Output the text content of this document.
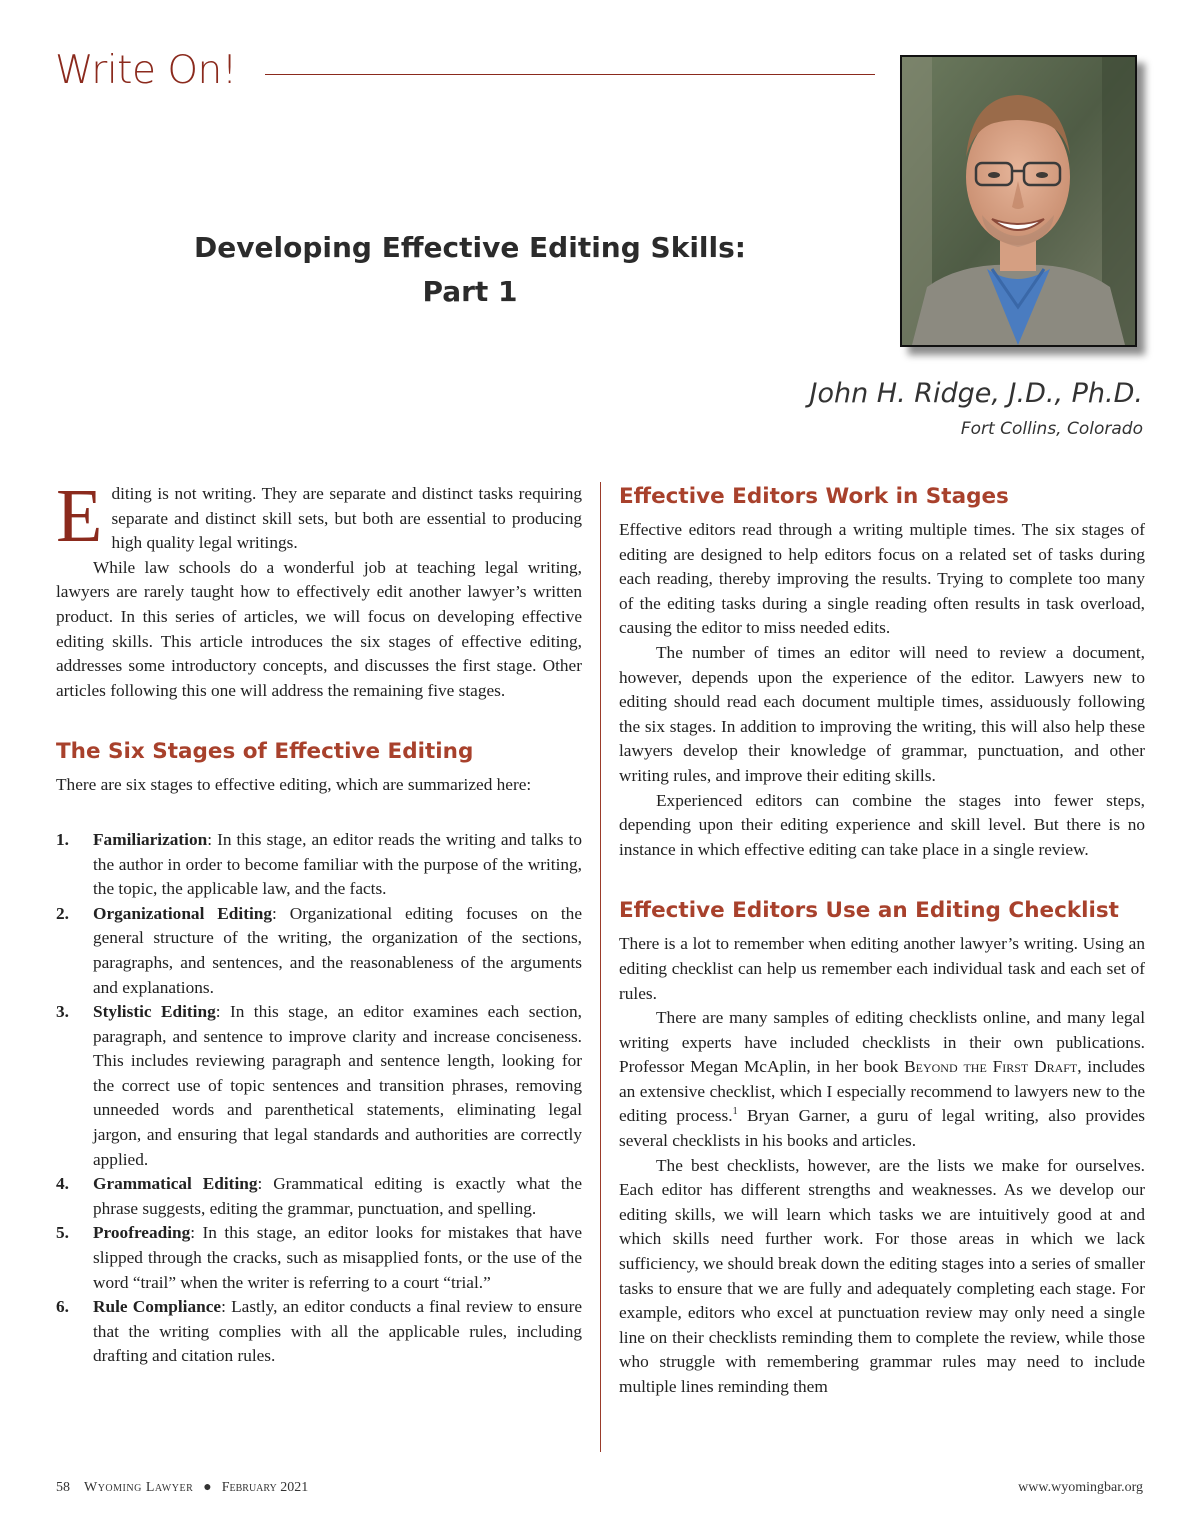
Write On!
Developing Effective Editing Skills:
Part 1
John H. Ridge, J.D., Ph.D.
Fort Collins, Colorado

Editing is not writing. They are separate and distinct tasks requiring separate and distinct skill sets, but both are essential to producing high quality legal writings.

While law schools do a wonderful job at teaching legal writing, lawyers are rarely taught how to effectively edit another lawyer’s written product. In this series of articles, we will focus on developing effective editing skills. This article introduces the six stages of effective editing, addresses some introductory concepts, and discusses the first stage. Other articles following this one will address the remaining five stages.

The Six Stages of Effective Editing

There are six stages to effective editing, which are summarized here:

1. Familiarization: In this stage, an editor reads the writing and talks to the author in order to become familiar with the purpose of the writing, the topic, the applicable law, and the facts.
2. Organizational Editing: Organizational editing focuses on the general structure of the writing, the organization of the sections, paragraphs, and sentences, and the reasonableness of the arguments and explanations.
3. Stylistic Editing: In this stage, an editor examines each section, paragraph, and sentence to improve clarity and increase conciseness. This includes reviewing paragraph and sentence length, looking for the correct use of topic sentences and transition phrases, removing unneeded words and parenthetical statements, eliminating legal jargon, and ensuring that legal standards and authorities are correctly applied.
4. Grammatical Editing: Grammatical editing is exactly what the phrase suggests, editing the grammar, punctuation, and spelling.
5. Proofreading: In this stage, an editor looks for mistakes that have slipped through the cracks, such as misapplied fonts, or the use of the word “trail” when the writer is referring to a court “trial.”
6. Rule Compliance: Lastly, an editor conducts a final review to ensure that the writing complies with all the applicable rules, including drafting and citation rules.
Effective Editors Work in Stages

Effective editors read through a writing multiple times. The six stages of editing are designed to help editors focus on a related set of tasks during each reading, thereby improving the results. Trying to complete too many of the editing tasks during a single reading often results in task overload, causing the editor to miss needed edits.

The number of times an editor will need to review a document, however, depends upon the experience of the editor. Lawyers new to editing should read each document multiple times, assiduously following the six stages. In addition to improving the writing, this will also help these lawyers develop their knowledge of grammar, punctuation, and other writing rules, and improve their editing skills.

Experienced editors can combine the stages into fewer steps, depending upon their editing experience and skill level. But there is no instance in which effective editing can take place in a single review.

Effective Editors Use an Editing Checklist

There is a lot to remember when editing another lawyer’s writing. Using an editing checklist can help us remember each individual task and each set of rules.

There are many samples of editing checklists online, and many legal writing experts have included checklists in their own publications. Professor Megan McAplin, in her book Beyond the First Draft, includes an extensive checklist, which I especially recommend to lawyers new to the editing process.$^1$ Bryan Garner, a guru of legal writing, also provides several checklists in his books and articles.

The best checklists, however, are the lists we make for ourselves. Each editor has different strengths and weaknesses. As we develop our editing skills, we will learn which tasks we are intuitively good at and which skills need further work. For those areas in which we lack sufficiency, we should break down the editing stages into a series of smaller tasks to ensure that we are fully and adequately completing each stage. For example, editors who excel at punctuation review may only need a single line on their checklists reminding them to complete the review, while those who struggle with remembering grammar rules may need to include multiple lines reminding them

58 Wyoming Lawyer ● February 2021	www.wyomingbar.org
